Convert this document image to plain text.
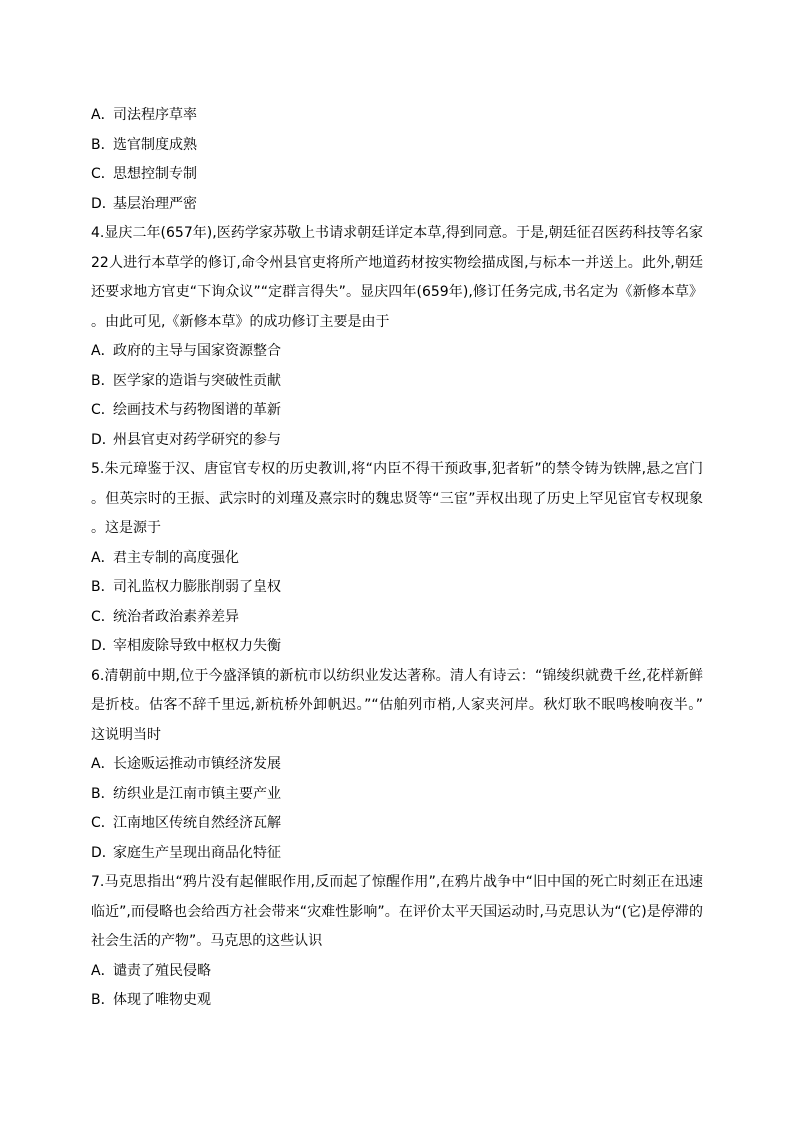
A．司法程序草率
B．选官制度成熟
C．思想控制专制
D．基层治理严密
4.显庆二年(657年),医药学家苏敬上书请求朝廷详定本草,得到同意。于是,朝廷征召医药科技等名家
22人进行本草学的修订,命令州县官吏将所产地道药材按实物绘描成图,与标本一并送上。此外,朝廷
还要求地方官吏“下询众议”“定群言得失”。显庆四年(659年),修订任务完成,书名定为《新修本草》
。由此可见,《新修本草》的成功修订主要是由于
A．政府的主导与国家资源整合
B．医学家的造诣与突破性贡献
C．绘画技术与药物图谱的革新
D．州县官吏对药学研究的参与
5.朱元璋鉴于汉、唐宦官专权的历史教训,将“内臣不得干预政事,犯者斩”的禁令铸为铁牌,悬之宫门
。但英宗时的王振、武宗时的刘瑾及熹宗时的魏忠贤等“三宦”弄权出现了历史上罕见宦官专权现象
。这是源于
A．君主专制的高度强化
B．司礼监权力膨胀削弱了皇权
C．统治者政治素养差异
D．宰相废除导致中枢权力失衡
6.清朝前中期,位于今盛泽镇的新杭市以纺织业发达著称。清人有诗云：“锦绫织就费千丝,花样新鲜
是折枝。估客不辞千里远,新杭桥外卸帆迟。”“估舶列市梢,人家夹河岸。秋灯耿不眠鸣梭响夜半。”
这说明当时
A．长途贩运推动市镇经济发展
B．纺织业是江南市镇主要产业
C．江南地区传统自然经济瓦解
D．家庭生产呈现出商品化特征
7.马克思指出“鸦片没有起催眠作用,反而起了惊醒作用”,在鸦片战争中“旧中国的死亡时刻正在迅速
临近”,而侵略也会给西方社会带来“灾难性影响”。在评价太平天国运动时,马克思认为“(它)是停滞的
社会生活的产物”。马克思的这些认识
A．谴责了殖民侵略
B．体现了唯物史观
